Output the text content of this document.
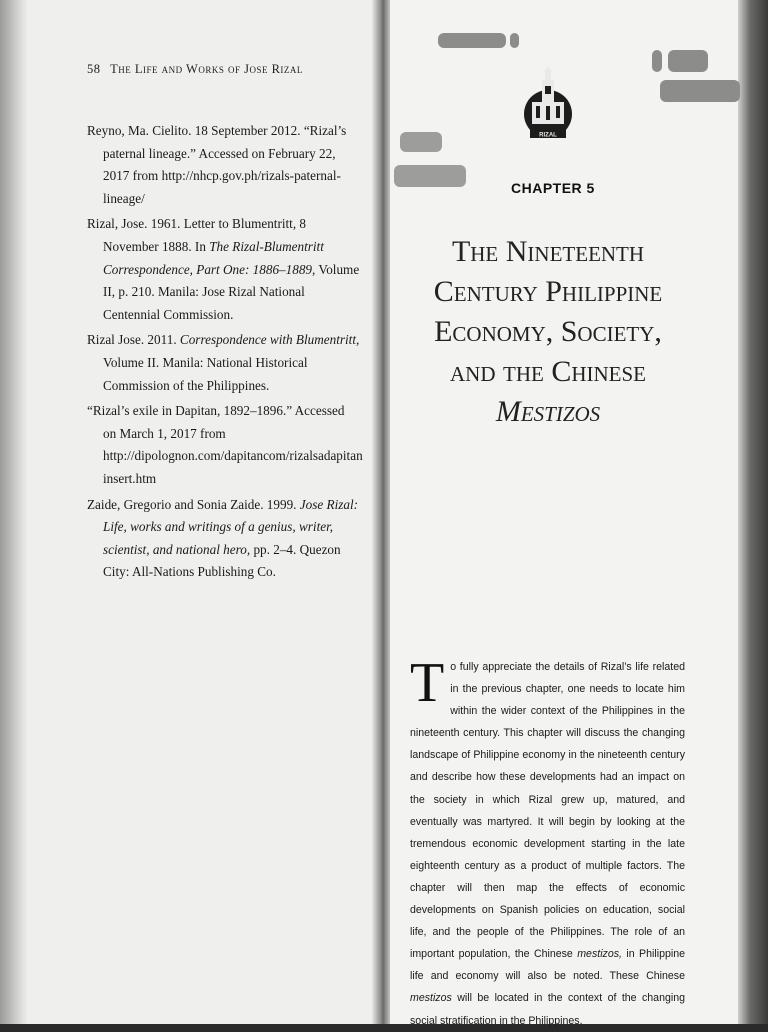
58 The Life and Works of Jose Rizal
Reyno, Ma. Cielito. 18 September 2012. “Rizal’s paternal lineage.” Accessed on February 22, 2017 from http://nhcp.gov.ph/rizals-paternal-lineage/
Rizal, Jose. 1961. Letter to Blumentritt, 8 November 1888. In The Rizal-Blumentritt Correspondence, Part One: 1886–1889, Volume II, p. 210. Manila: Jose Rizal National Centennial Commission.
Rizal Jose. 2011. Correspondence with Blumentritt, Volume II. Manila: National Historical Commission of the Philippines.
“Rizal’s exile in Dapitan, 1892–1896.” Accessed on March 1, 2017 from http://dipolognon.com/dapitancom/rizalsadapitan insert.htm
Zaide, Gregorio and Sonia Zaide. 1999. Jose Rizal: Life, works and writings of a genius, writer, scientist, and national hero, pp. 2–4. Quezon City: All-Nations Publishing Co.
RIZAL
CHAPTER 5
The Nineteenth
Century Philippine
Economy, Society,
and the Chinese
Mestizos
To fully appreciate the details of Rizal’s life related in the previous chapter, one needs to locate him within the wider context of the Philippines in the nineteenth century. This chapter will discuss the changing landscape of Philippine economy in the nineteenth century and describe how these developments had an impact on the society in which Rizal grew up, matured, and eventually was martyred. It will begin by looking at the tremendous economic development starting in the late eighteenth century as a product of multiple factors. The chapter will then map the effects of economic developments on Spanish policies on education, social life, and the people of the Philippines. The role of an important population, the Chinese mestizos, in Philippine life and economy will also be noted. These Chinese mestizos will be located in the context of the changing social stratification in the Philippines.
